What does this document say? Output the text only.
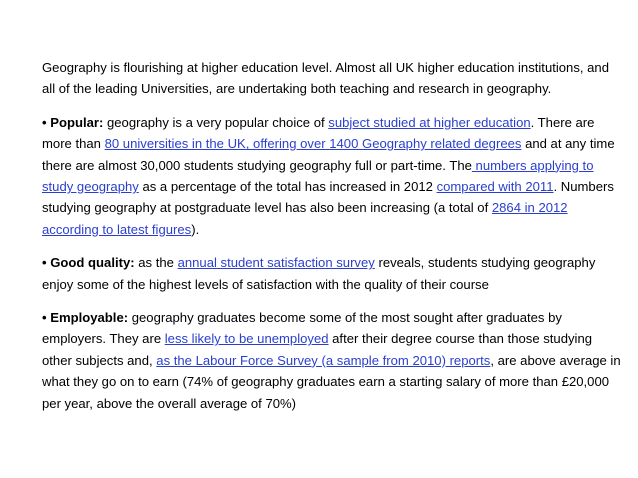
Geography is flourishing at higher education level. Almost all UK higher education institutions, and all of the leading Universities, are undertaking both teaching and research in geography.

• Popular: geography is a very popular choice of subject studied at higher education. There are more than 80 universities in the UK, offering over 1400 Geography related degrees and at any time there are almost 30,000 students studying geography full or part-time. The numbers applying to study geography as a percentage of the total has increased in 2012 compared with 2011. Numbers studying geography at postgraduate level has also been increasing (a total of 2864 in 2012 according to latest figures).

• Good quality: as the annual student satisfaction survey reveals, students studying geography enjoy some of the highest levels of satisfaction with the quality of their course

• Employable: geography graduates become some of the most sought after graduates by employers. They are less likely to be unemployed after their degree course than those studying other subjects and, as the Labour Force Survey (a sample from 2010) reports, are above average in what they go on to earn (74% of geography graduates earn a starting salary of more than £20,000 per year, above the overall average of 70%)
